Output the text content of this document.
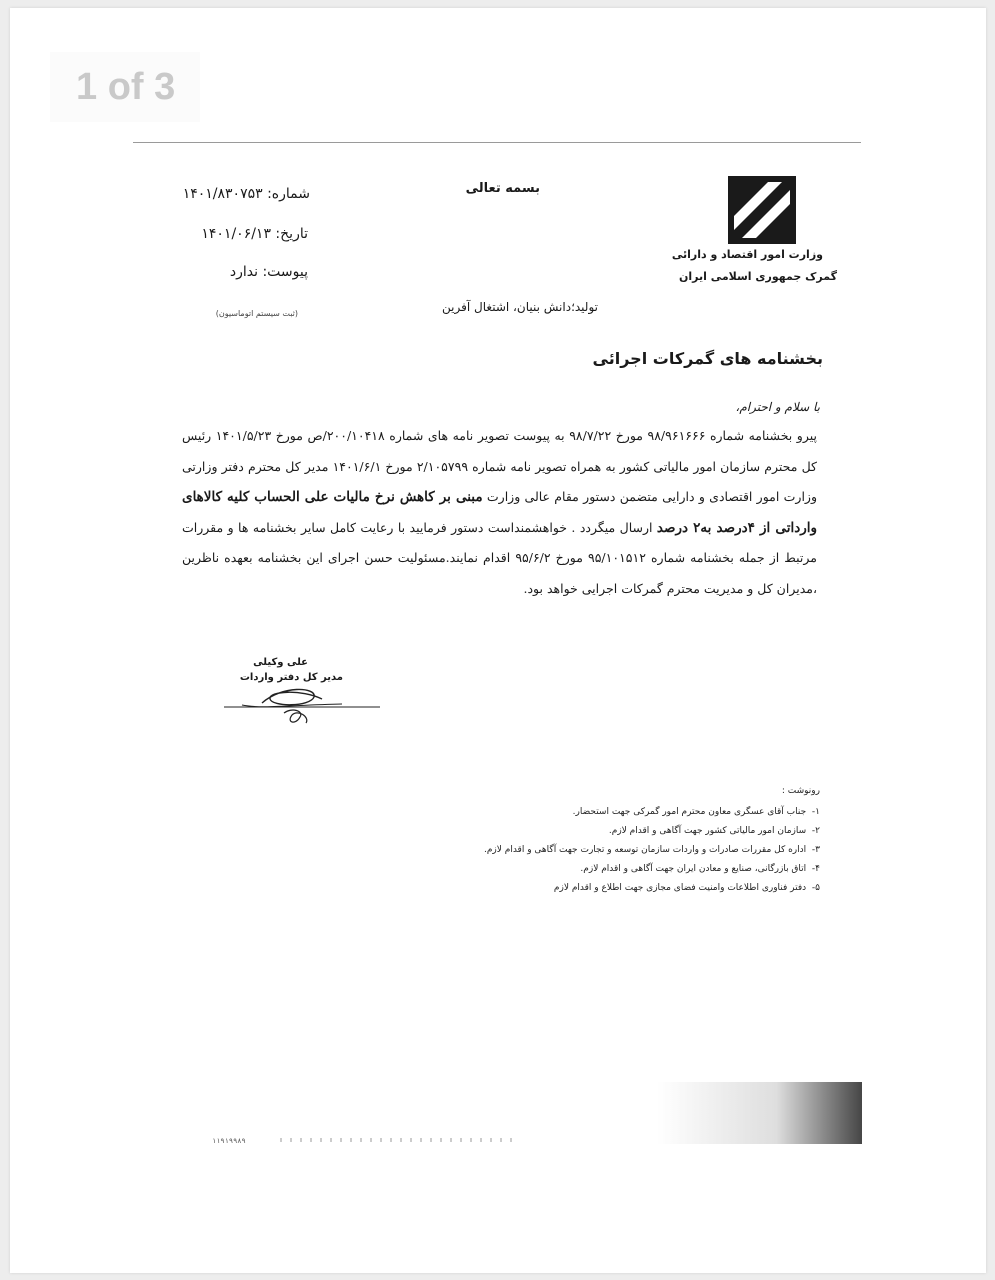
1 of 3
شماره: ۱۴۰۱/۸۳۰۷۵۳
تاریخ: ۱۴۰۱/۰۶/۱۳
پیوست: ندارد
(ثبت سیستم اتوماسیون)
بسمه تعالی
تولید؛دانش بنیان، اشتغال آفرین
وزارت امور اقتصاد و دارائی
گمرک جمهوری اسلامی ایران
بخشنامه های گمرکات اجرائی
با سلام و احترام،

پیرو بخشنامه شماره ۹۸/۹۶۱۶۶۶ مورخ ۹۸/۷/۲۲ به پیوست تصویر نامه های شماره ۲۰۰/۱۰۴۱۸/ص مورخ ۱۴۰۱/۵/۲۳ رئیس کل محترم سازمان امور مالیاتی کشور به همراه تصویر نامه شماره ۲/۱۰۵۷۹۹ مورخ ۱۴۰۱/۶/۱ مدیر کل محترم دفتر وزارتی وزارت امور اقتصادی و دارایی متضمن دستور مقام عالی وزارت مبنی بر کاهش نرخ مالیات علی الحساب کلیه کالاهای وارداتی از ۴درصد به۲ درصد ارسال میگردد . خواهشمنداست دستور فرمایید با رعایت کامل سایر بخشنامه ها و مقررات مرتبط از جمله بخشنامه شماره ۹۵/۱۰۱۵۱۲ مورخ ۹۵/۶/۲ اقدام نمایند.مسئولیت حسن اجرای این بخشنامه بعهده ناظرین ،مدیران کل و مدیریت محترم گمرکات اجرایی خواهد بود.

علی وکیلی
مدیر کل دفتر واردات
رونوشت :
۱-  جناب آقای عسگری معاون محترم امور گمرکی جهت استحضار.
۲-  سازمان امور مالیاتی کشور جهت آگاهی و اقدام لازم.
۳-  اداره کل مقررات صادرات و واردات سازمان توسعه و تجارت جهت آگاهی و اقدام لازم.
۴-  اتاق بازرگانی، صنایع و معادن ایران جهت آگاهی و اقدام لازم.
۵-  دفتر فناوری اطلاعات وامنیت فضای مجازی جهت اطلاع و اقدام لازم
۱۱۹۱۹۹۸۹
